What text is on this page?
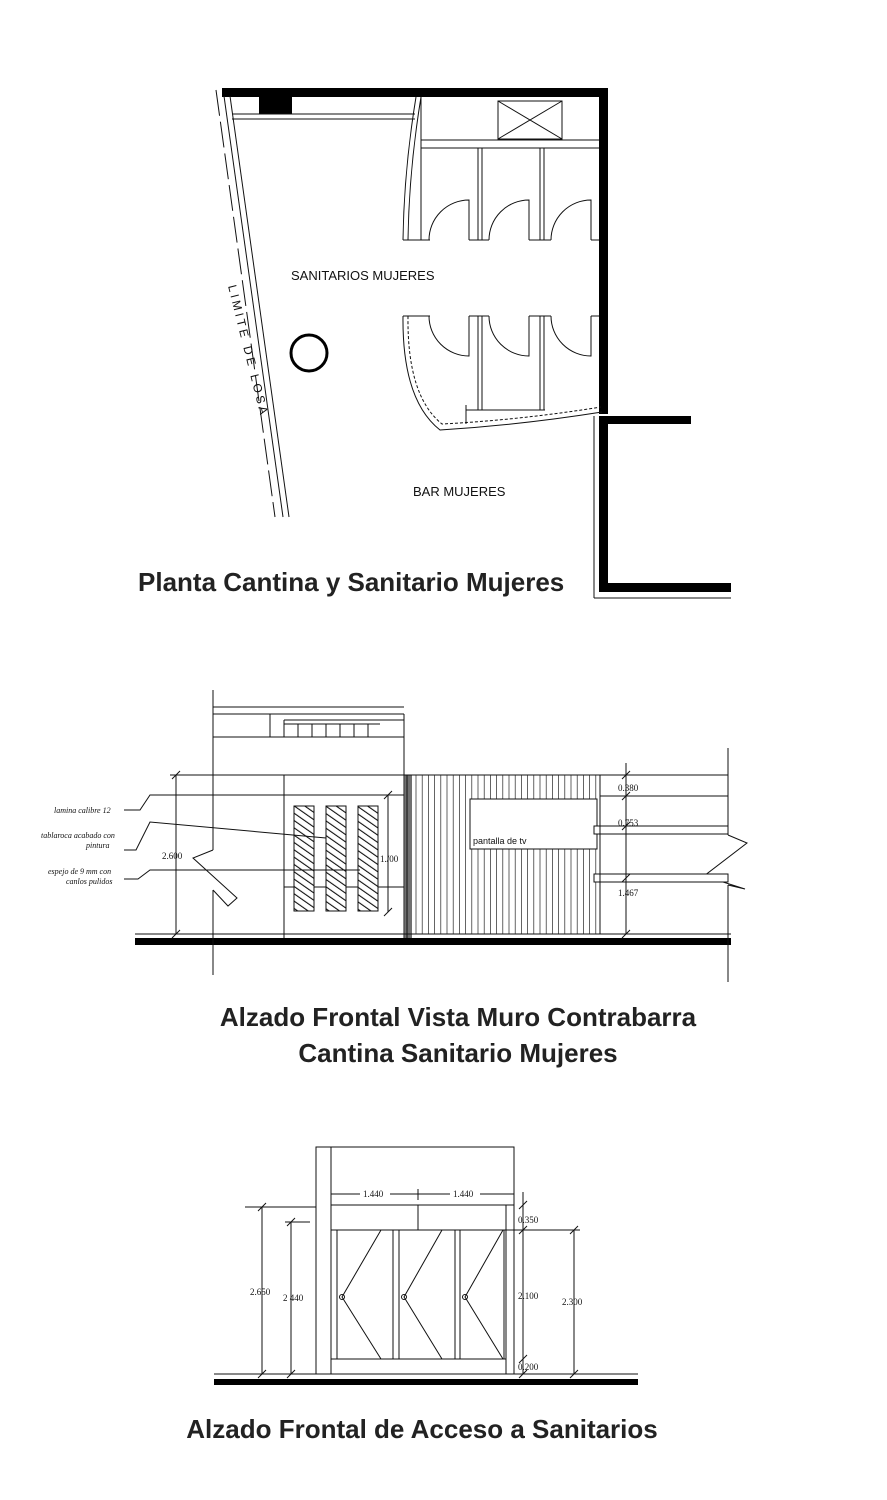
LIMITE DE LOSA
SANITARIOS MUJERES
BAR MUJERES
Planta Cantina y Sanitario Mujeres
pantalla de tv
2.600	1./00
0.380
0.753
1.467
lamina calibre 12
tablaroca acabado con
pintura
espejo de 9 mm con
canlos pulidos
Alzado Frontal Vista Muro Contrabarra
Cantina Sanitario Mujeres
1.440	1.440
2.650
2 440
0.350
2.100
0.200
2.300
Alzado Frontal de Acceso a Sanitarios
